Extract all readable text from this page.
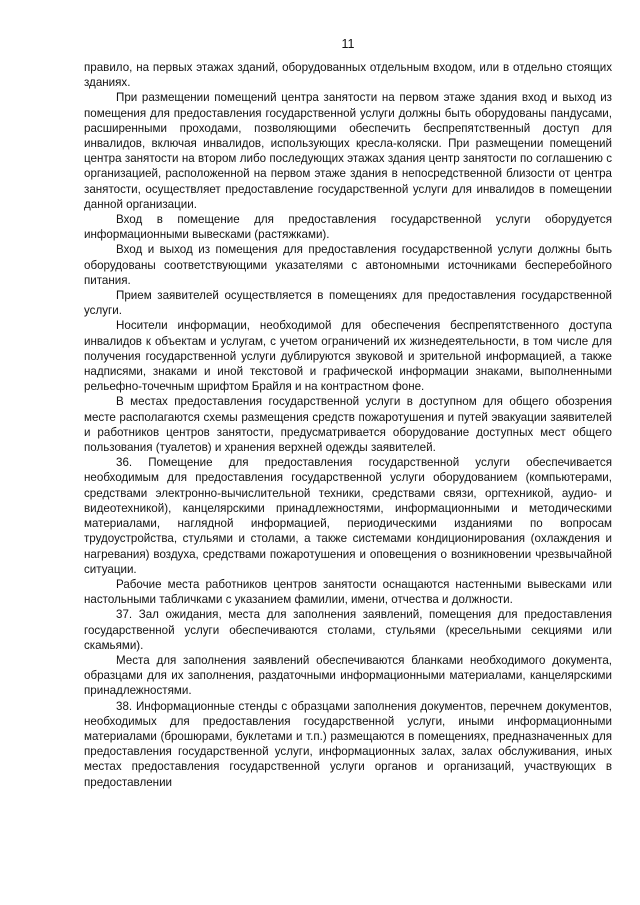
11

правило, на первых этажах зданий, оборудованных отдельным входом, или в отдельно стоящих зданиях.

При размещении помещений центра занятости на первом этаже здания вход и выход из помещения для предоставления государственной услуги должны быть оборудованы пандусами, расширенными проходами, позволяющими обеспечить беспрепятственный доступ для инвалидов, включая инвалидов, использующих кресла-коляски. При размещении помещений центра занятости на втором либо последующих этажах здания центр занятости по соглашению с организацией, расположенной на первом этаже здания в непосредственной близости от центра занятости, осуществляет предоставление государственной услуги для инвалидов в помещении данной организации.

Вход в помещение для предоставления государственной услуги оборудуется информационными вывесками (растяжками).

Вход и выход из помещения для предоставления государственной услуги должны быть оборудованы соответствующими указателями с автономными источниками бесперебойного питания.

Прием заявителей осуществляется в помещениях для предоставления государственной услуги.

Носители информации, необходимой для обеспечения беспрепятственного доступа инвалидов к объектам и услугам, с учетом ограничений их жизнедеятельности, в том числе для получения государственной услуги дублируются звуковой и зрительной информацией, а также надписями, знаками и иной текстовой и графической информации знаками, выполненными рельефно-точечным шрифтом Брайля и на контрастном фоне.

В местах предоставления государственной услуги в доступном для общего обозрения месте располагаются схемы размещения средств пожаротушения и путей эвакуации заявителей и работников центров занятости, предусматривается оборудование доступных мест общего пользования (туалетов) и хранения верхней одежды заявителей.

36. Помещение для предоставления государственной услуги обеспечивается необходимым для предоставления государственной услуги оборудованием (компьютерами, средствами электронно-вычислительной техники, средствами связи, оргтехникой, аудио- и видеотехникой), канцелярскими принадлежностями, информационными и методическими материалами, наглядной информацией, периодическими изданиями по вопросам трудоустройства, стульями и столами, а также системами кондиционирования (охлаждения и нагревания) воздуха, средствами пожаротушения и оповещения о возникновении чрезвычайной ситуации.

Рабочие места работников центров занятости оснащаются настенными вывесками или настольными табличками с указанием фамилии, имени, отчества и должности.

37. Зал ожидания, места для заполнения заявлений, помещения для предоставления государственной услуги обеспечиваются столами, стульями (кресельными секциями или скамьями).

Места для заполнения заявлений обеспечиваются бланками необходимого документа, образцами для их заполнения, раздаточными информационными материалами, канцелярскими принадлежностями.

38. Информационные стенды с образцами заполнения документов, перечнем документов, необходимых для предоставления государственной услуги, иными информационными материалами (брошюрами, буклетами и т.п.) размещаются в помещениях, предназначенных для предоставления государственной услуги, информационных залах, залах обслуживания, иных местах предоставления государственной услуги органов и организаций, участвующих в предоставлении
